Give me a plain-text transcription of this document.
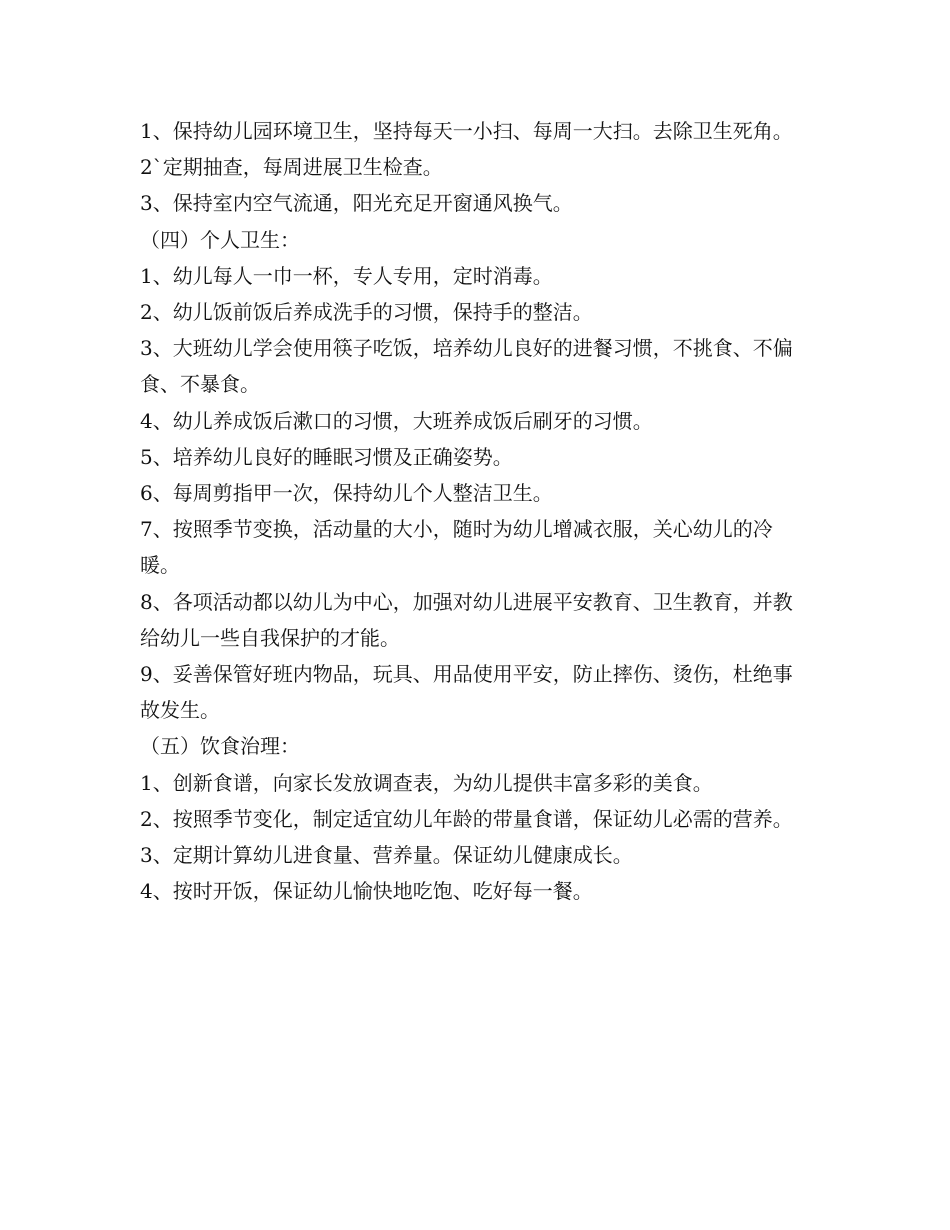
1、保持幼儿园环境卫生，坚持每天一小扫、每周一大扫。去除卫生死角。

2`定期抽查，每周进展卫生检查。

3、保持室内空气流通，阳光充足开窗通风换气。

（四）个人卫生：

1、幼儿每人一巾一杯，专人专用，定时消毒。

2、幼儿饭前饭后养成洗手的习惯，保持手的整洁。

3、大班幼儿学会使用筷子吃饭，培养幼儿良好的进餐习惯，不挑食、不偏食、不暴食。

4、幼儿养成饭后漱口的习惯，大班养成饭后刷牙的习惯。

5、培养幼儿良好的睡眠习惯及正确姿势。

6、每周剪指甲一次，保持幼儿个人整洁卫生。

7、按照季节变换，活动量的大小，随时为幼儿增减衣服，关心幼儿的冷暖。

8、各项活动都以幼儿为中心，加强对幼儿进展平安教育、卫生教育，并教给幼儿一些自我保护的才能。

9、妥善保管好班内物品，玩具、用品使用平安，防止摔伤、烫伤，杜绝事故发生。

（五）饮食治理：

1、创新食谱，向家长发放调查表，为幼儿提供丰富多彩的美食。

2、按照季节变化，制定适宜幼儿年龄的带量食谱，保证幼儿必需的营养。

3、定期计算幼儿进食量、营养量。保证幼儿健康成长。

4、按时开饭，保证幼儿愉快地吃饱、吃好每一餐。
